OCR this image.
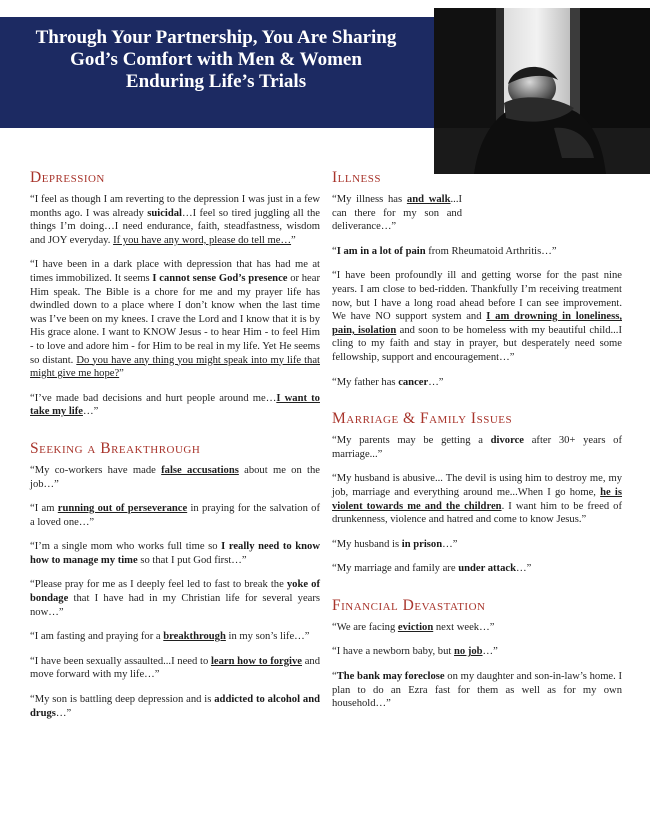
Through Your Partnership, You Are Sharing
God’s Comfort with Men & Women
Enduring Life’s Trials
Depression

“I feel as though I am reverting to the depression I was just in a few months ago. I was already suicidal…I feel so tired juggling all the things I’m doing…I need endurance, faith, steadfastness, wisdom and JOY everyday. If you have any word, please do tell me…”

“I have been in a dark place with depression that has had me at times immobilized. It seems I cannot sense God’s presence or hear Him speak. The Bible is a chore for me and my prayer life has dwindled down to a place where I don’t know when the last time was I’ve been on my knees. I crave the Lord and I know that it is by His grace alone. I want to KNOW Jesus - to hear Him - to feel Him - to love and adore him - for Him to be real in my life. Yet He seems so distant. Do you have any thing you might speak into my life that might give me hope?”

“I’ve made bad decisions and hurt people around me…I want to take my life…”

Seeking a Breakthrough

“My co-workers have made false accusations about me on the job…”

“I am running out of perseverance in praying for the salvation of a loved one…”

“I’m a single mom who works full time so I really need to know how to manage my time so that I put God first…”

“Please pray for me as I deeply feel led to fast to break the yoke of bondage that I have had in my Christian life for several years now…”

“I am fasting and praying for a breakthrough in my son’s life…”

“I have been sexually assaulted...I need to learn how to forgive and move forward with my life…”

“My son is battling deep depression and is addicted to alcohol and drugs…”

Illness

“My illness has and walk...I can there for my son and deliverance…”

“I am in a lot of pain from Rheumatoid Arthritis…”

“I have been profoundly ill and getting worse for the past nine years. I am close to bed-ridden. Thankfully I’m receiving treatment now, but I have a long road ahead before I can see improvement. We have NO support system and I am drowning in loneliness, pain, isolation and soon to be homeless with my beautiful child...I cling to my faith and stay in prayer, but desperately need some fellowship, support and encouragement…”

“My father has cancer…”

Marriage & Family Issues

“My parents may be getting a divorce after 30+ years of marriage...”

“My husband is abusive... The devil is using him to destroy me, my job, marriage and everything around me...When I go home, he is violent towards me and the children. I want him to be freed of drunkenness, violence and hatred and come to know Jesus.”

“My husband is in prison…”

“My marriage and family are under attack…”

Financial Devastation

“We are facing eviction next week…”

“I have a newborn baby, but no job…”

“The bank may foreclose on my daughter and son-in-law’s home. I plan to do an Ezra fast for them as well as for my own household…”
